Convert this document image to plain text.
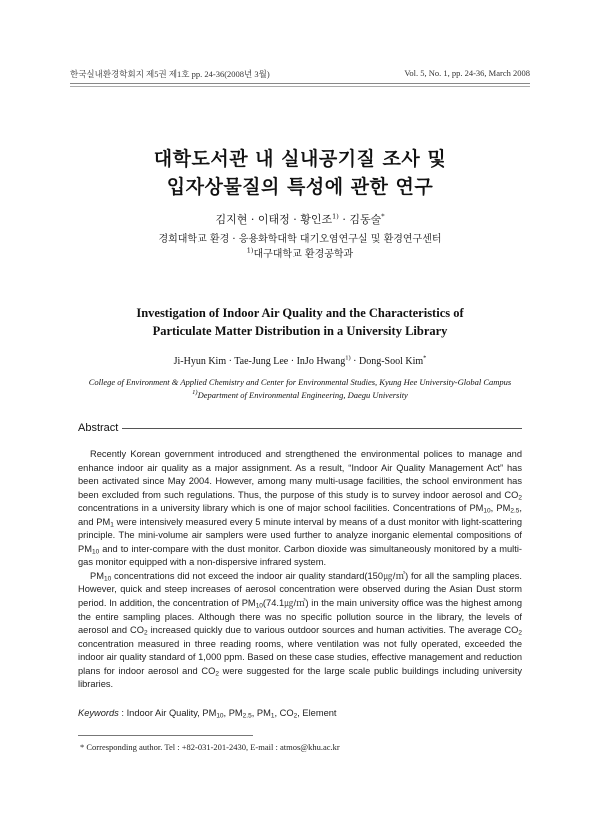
한국실내환경학회지 제5권 제1호 pp. 24-36(2008년 3월)	Vol. 5, No. 1, pp. 24-36, March 2008
대학도서관 내 실내공기질 조사 및
입자상물질의 특성에 관한 연구
김지현 · 이태정 · 황인조$^{1)}$ · 김동술*
경희대학교 환경 · 응용화학대학 대기오염연구실 및 환경연구센터
$^{1)}$대구대학교 환경공학과
Investigation of Indoor Air Quality and the Characteristics of
Particulate Matter Distribution in a University Library
Ji-Hyun Kim · Tae-Jung Lee · InJo Hwang$^{1)}$ · Dong-Sool Kim*
College of Environment & Applied Chemistry and Center for Environmental Studies, Kyung Hee University-Global Campus
$^{1)}$Department of Environmental Engineering, Daegu University
Abstract

Recently Korean government introduced and strengthened the environmental polices to manage and enhance indoor air quality as a major assignment. As a result, “Indoor Air Quality Management Act” has been activated since May 2004. However, among many multi-usage facilities, the school environment has been excluded from such regulations. Thus, the purpose of this study is to survey indoor aerosol and $CO_2$ concentrations in a university library which is one of major school facilities. Concentrations of $PM_{10}$, $PM_{2.5}$, and $PM_1$ were intensively measured every 5 minute interval by means of a dust monitor with light-scattering principle. The mini-volume air samplers were used further to analyze inorganic elemental compositions of $PM_{10}$ and to inter-compare with the dust monitor. Carbon dioxide was simultaneously monitored by a multi-gas monitor equipped with a non-dispersive infrared system.

$PM_{10}$ concentrations did not exceed the indoor air quality standard(150㎍/㎥) for all the sampling places. However, quick and steep increases of aerosol concentration were observed during the Asian Dust storm period. In addition, the concentration of $PM_{10}(74.1㎍/㎥)$ in the main university office was the highest among the entire sampling places. Although there was no specific pollution source in the library, the levels of aerosol and $CO_2$ increased quickly due to various outdoor sources and human activities. The average $CO_2$ concentration measured in three reading rooms, where ventilation was not fully operated, exceeded the indoor air quality standard of 1,000 ppm. Based on these case studies, effective management and reduction plans for indoor aerosol and $CO_2$ were suggested for the large scale public buildings including university libraries.

Keywords : Indoor Air Quality, $PM_{10}$, $PM_{2.5}$, $PM_1$, $CO_2$, Element
* Corresponding author. Tel : +82-031-201-2430, E-mail : atmos@khu.ac.kr
